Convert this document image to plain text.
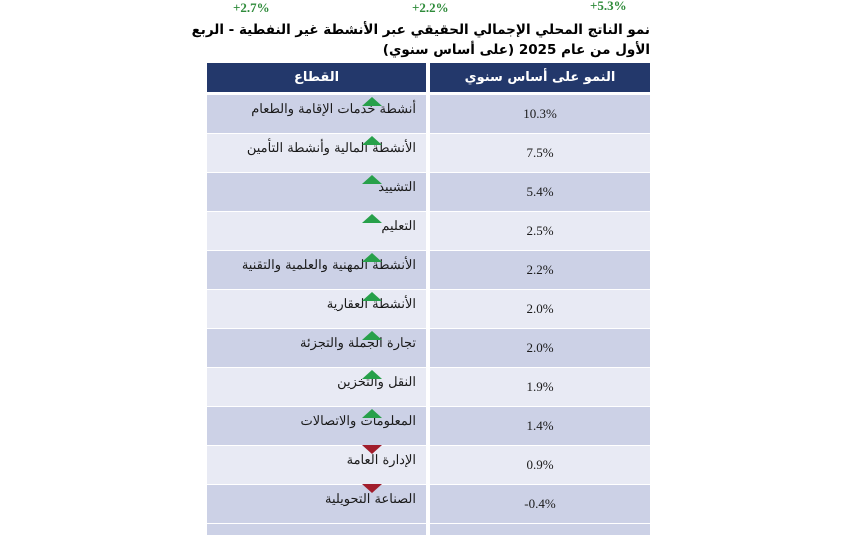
+2.7%	+2.2%	+5.3%
نمو الناتج المحلي الإجمالي الحقيقي عبر الأنشطة غير النفطية - الربع الأول من عام 2025 (على أساس سنوي)
القطاع	النمو على أساس سنوي
أنشطة خدمات الإقامة والطعام	10.3%
الأنشطة المالية وأنشطة التأمين	7.5%
التشييد	5.4%
التعليم	2.5%
الأنشطة المهنية والعلمية والتقنية	2.2%
الأنشطة العقارية	2.0%
تجارة الجملة والتجزئة	2.0%
النقل والتخزين	1.9%
المعلومات والاتصالات	1.4%
الإدارة العامة	0.9%
الصناعة التحويلية	-0.4%
